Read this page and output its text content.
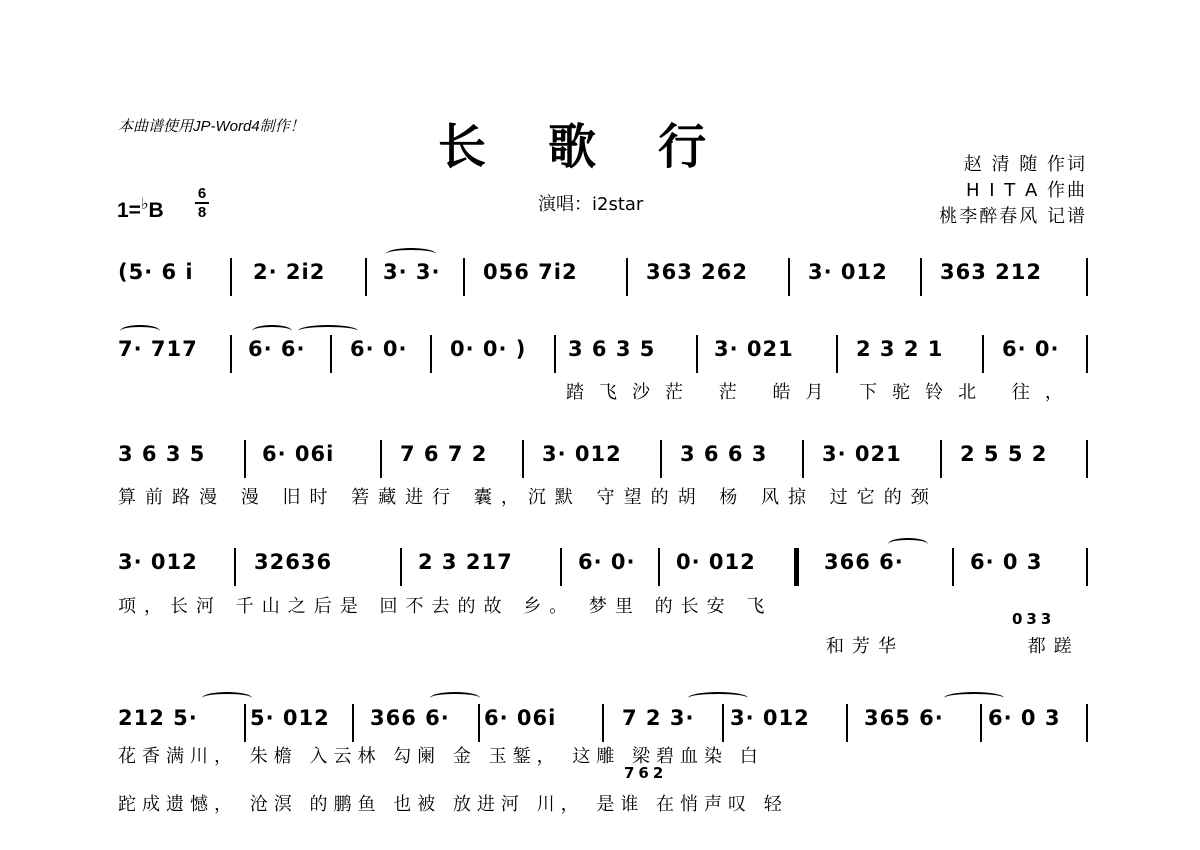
本曲谱使用JP-Word4制作！	长歌行
演唱：i2star
赵 清 随 作词
H I T A 作曲
桃李醉春风 记谱
1=♭B
6
8
(5· 6 i	2· 2i2	3· 3· 056 7i2	363 262	3· 012 363 212
7· 717 6· 6· 6· 0· 0· 0· ) 3 6 3 5	3· 021	2 3 2 1	6· 0·
踏飞沙茫 茫 皓月 下驼铃北 往，
3 6 3 5	6· 06i	7 6 7 2	3· 012	3 6 6 3	3· 021	2 5 5 2
算前路漫 漫 旧时 箬藏进行 囊，沉默 守望的胡 杨 风掠 过它的颈
3· 012	32636	2 3 217	6· 0· 0· 012	366 6·	6· 0 3
项，长河 千山之后是 回不去的故 乡。 梦里 的长安 飞
033
和芳华 都蹉
212 5· 5· 012 366 6· 6· 06i	7 2 3· 3· 012	365 6· 6· 0 3
花香满川， 朱檐 入云林 勾阑 金 玉錾， 这雕 梁碧血染 白
762
跎成遗憾， 沧溟 的鹏鱼 也被 放进河 川， 是谁 在悄声叹 轻
